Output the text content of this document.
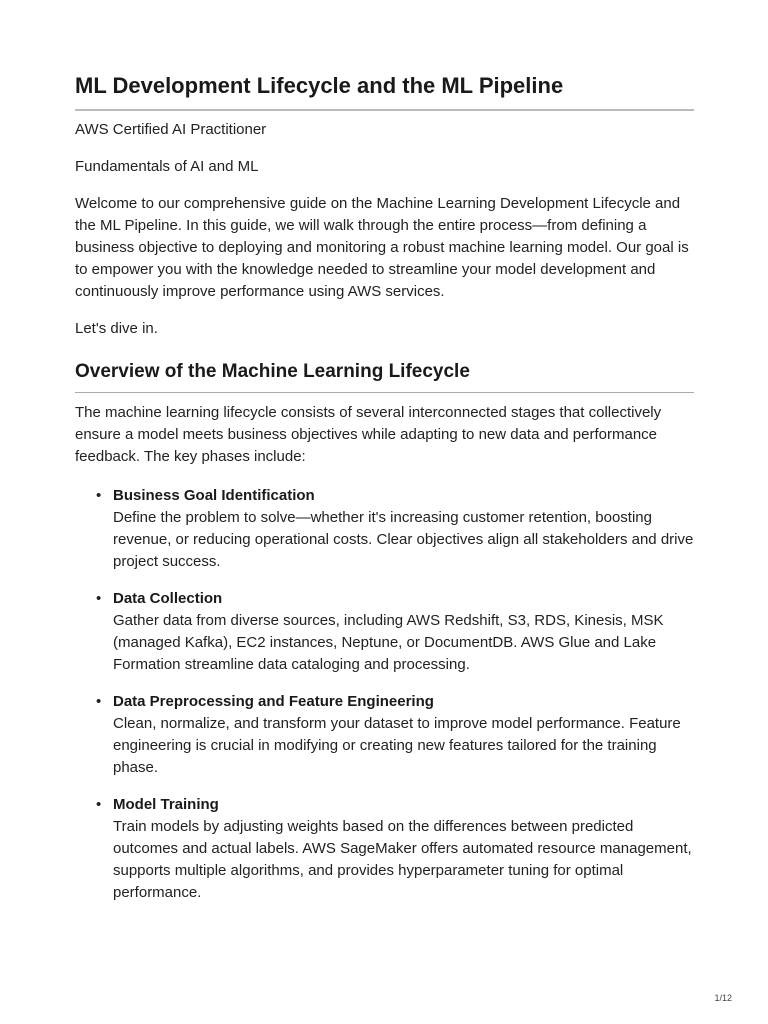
ML Development Lifecycle and the ML Pipeline

AWS Certified AI Practitioner

Fundamentals of AI and ML

Welcome to our comprehensive guide on the Machine Learning Development Lifecycle and the ML Pipeline. In this guide, we will walk through the entire process—from defining a business objective to deploying and monitoring a robust machine learning model. Our goal is to empower you with the knowledge needed to streamline your model development and continuously improve performance using AWS services.

Let's dive in.

Overview of the Machine Learning Lifecycle

The machine learning lifecycle consists of several interconnected stages that collectively ensure a model meets business objectives while adapting to new data and performance feedback. The key phases include:

• Business Goal Identification
Define the problem to solve—whether it's increasing customer retention, boosting revenue, or reducing operational costs. Clear objectives align all stakeholders and drive project success.
• Data Collection
Gather data from diverse sources, including AWS Redshift, S3, RDS, Kinesis, MSK (managed Kafka), EC2 instances, Neptune, or DocumentDB. AWS Glue and Lake Formation streamline data cataloging and processing.
• Data Preprocessing and Feature Engineering
Clean, normalize, and transform your dataset to improve model performance. Feature engineering is crucial in modifying or creating new features tailored for the training phase.
• Model Training
Train models by adjusting weights based on the differences between predicted outcomes and actual labels. AWS SageMaker offers automated resource management, supports multiple algorithms, and provides hyperparameter tuning for optimal performance.
1/12
